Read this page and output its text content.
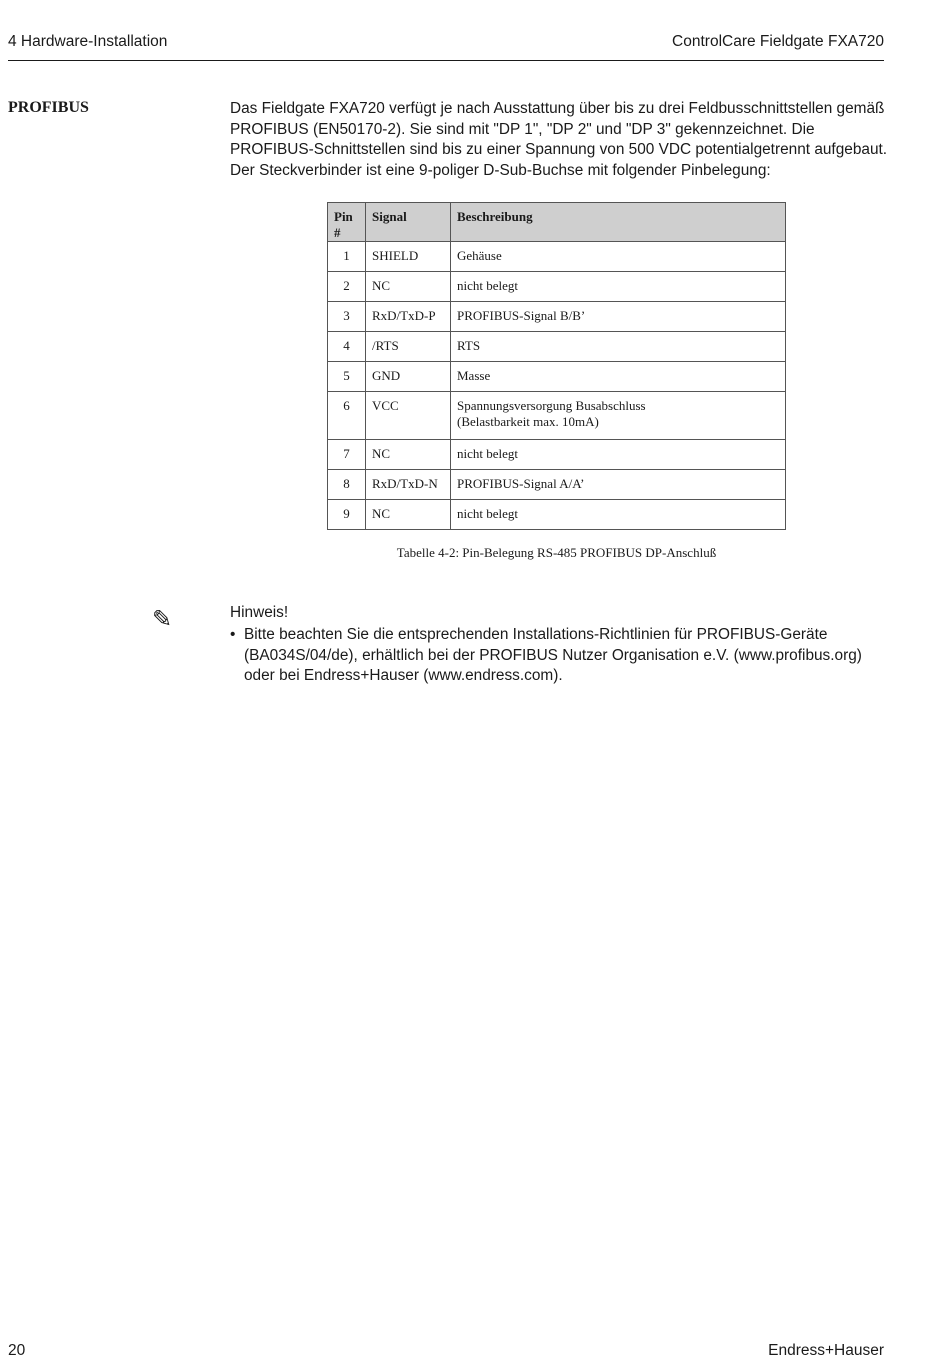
4 Hardware-Installation	ControlCare Fieldgate FXA720
PROFIBUS	Das Fieldgate FXA720 verfügt je nach Ausstattung über bis zu drei Feldbusschnittstellen gemäß PROFIBUS (EN50170-2). Sie sind mit "DP 1", "DP 2" und "DP 3" gekennzeichnet. Die PROFIBUS-Schnittstellen sind bis zu einer Spannung von 500 VDC potentialgetrennt aufgebaut. Der Steckverbinder ist eine 9-poliger D-Sub-Buchse mit folgender Pinbelegung:
Pin #	Signal	Beschreibung
1	SHIELD	Gehäuse
2	NC	nicht belegt
3	RxD/TxD-P	PROFIBUS-Signal B/B’
4	/RTS	RTS
5	GND	Masse
6	VCC	Spannungsversorgung Busabschluss
(Belastbarkeit max. 10mA)

7	NC	nicht belegt
8	RxD/TxD-N	PROFIBUS-Signal A/A’
9	NC	nicht belegt
Tabelle 4-2: Pin-Belegung RS-485 PROFIBUS DP-Anschluß
✎	Hinweis!
• Bitte beachten Sie die entsprechenden Installations-Richtlinien für PROFIBUS-Geräte (BA034S/04/de), erhältlich bei der PROFIBUS Nutzer Organisation e.V. (www.profibus.org) oder bei Endress+Hauser (www.endress.com).
20	Endress+Hauser
